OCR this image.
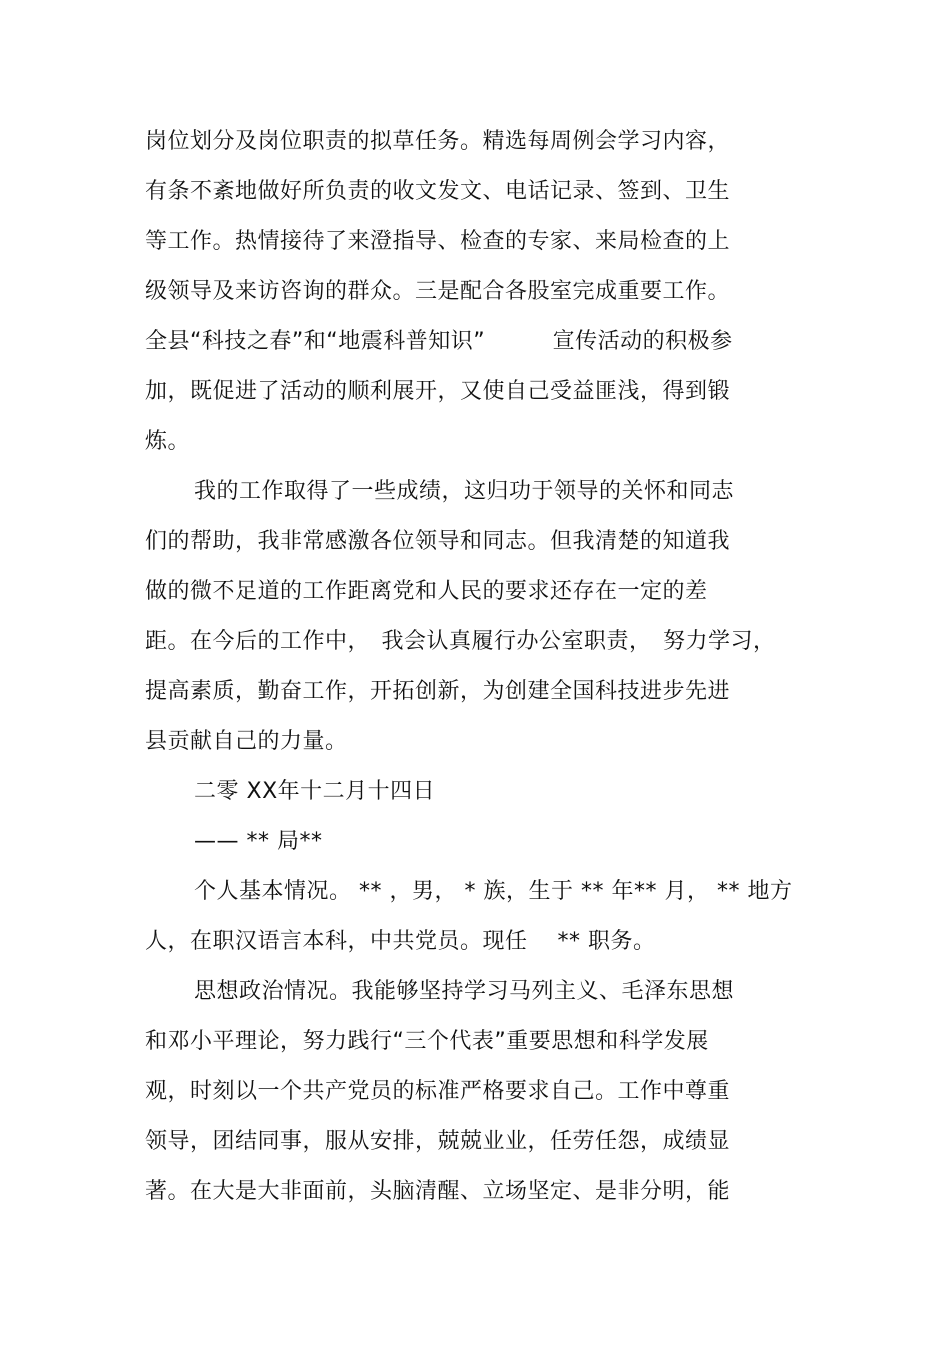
岗位划分及岗位职责的拟草任务。精选每周例会学习内容，
有条不紊地做好所负责的收文发文、电话记录、签到、卫生
等工作。热情接待了来澄指导、检查的专家、来局检查的上
级领导及来访咨询的群众。三是配合各股室完成重要工作。
全县“科技之春”和“地震科普知识”　　　宣传活动的积极参
加，既促进了活动的顺利展开，又使自己受益匪浅，得到锻
炼。
我的工作取得了一些成绩，这归功于领导的关怀和同志
们的帮助，我非常感激各位领导和同志。但我清楚的知道我
做的微不足道的工作距离党和人民的要求还存在一定的差
距。在今后的工作中，　我会认真履行办公室职责，　努力学习，
提高素质，勤奋工作，开拓创新，为创建全国科技进步先进
县贡献自己的力量。
二零 XX年十二月十四日
—— ** 局**
个人基本情况。 ** ，男， * 族，生于 ** 年** 月， ** 地方
人，在职汉语言本科，中共党员。现任　 ** 职务。
思想政治情况。我能够坚持学习马列主义、毛泽东思想
和邓小平理论，努力践行“三个代表”重要思想和科学发展
观，时刻以一个共产党员的标准严格要求自己。工作中尊重
领导，团结同事，服从安排，兢兢业业，任劳任怨，成绩显
著。在大是大非面前，头脑清醒、立场坚定、是非分明，能
